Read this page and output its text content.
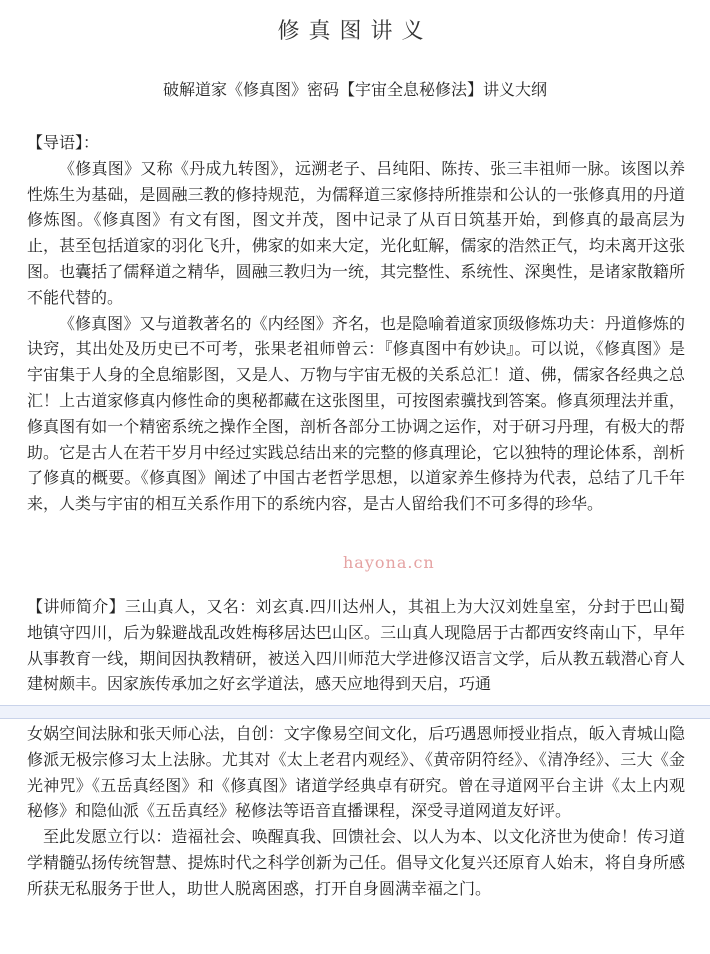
修真图讲义
破解道家《修真图》密码【宇宙全息秘修法】讲义大纲

【导语】：

《修真图》又称《丹成九转图》，远溯老子、吕纯阳、陈抟、张三丰祖师一脉。该图以养性炼生为基础，是圆融三教的修持规范，为儒释道三家修持所推崇和公认的一张修真用的丹道修炼图。《修真图》有文有图，图文并茂，图中记录了从百日筑基开始，到修真的最高层为止，甚至包括道家的羽化飞升，佛家的如来大定，光化虹解，儒家的浩然正气，均未离开这张图。也囊括了儒释道之精华，圆融三教归为一统，其完整性、系统性、深奥性，是诸家散籍所不能代替的。

《修真图》又与道教著名的《内经图》齐名，也是隐喻着道家顶级修炼功夫：丹道修炼的诀窍，其出处及历史已不可考，张果老祖师曾云：『修真图中有妙诀』。可以说，《修真图》是宇宙集于人身的全息缩影图，又是人、万物与宇宙无极的关系总汇！道、佛，儒家各经典之总汇！上古道家修真内修性命的奥秘都藏在这张图里，可按图索骥找到答案。修真须理法并重，修真图有如一个精密系统之操作全图，剖析各部分工协调之运作，对于研习丹理，有极大的帮助。它是古人在若干岁月中经过实践总结出来的完整的修真理论，它以独特的理论体系，剖析了修真的概要。《修真图》阐述了中国古老哲学思想，以道家养生修持为代表，总结了几千年来，人类与宇宙的相互关系作用下的系统内容，是古人留给我们不可多得的珍华。

【讲师简介】三山真人，又名：刘玄真.四川达州人，其祖上为大汉刘姓皇室，分封于巴山蜀地镇守四川，后为躲避战乱改姓梅移居达巴山区。三山真人现隐居于古都西安终南山下，早年从事教育一线，期间因执教精研，被送入四川师范大学进修汉语言文学，后从教五载潜心育人建树颇丰。因家族传承加之好玄学道法，感天应地得到天启，巧通

女娲空间法脉和张天师心法，自创：文字像易空间文化，后巧遇恩师授业指点，皈入青城山隐修派无极宗修习太上法脉。尤其对《太上老君内观经》、《黄帝阴符经》、《清净经》、三大《金光神咒》《五岳真经图》和《修真图》诸道学经典卓有研究。曾在寻道网平台主讲《太上内观秘修》和隐仙派《五岳真经》秘修法等语音直播课程，深受寻道网道友好评。

至此发愿立行以：造福社会、唤醒真我、回馈社会、以人为本、以文化济世为使命！传习道学精髓弘扬传统智慧、提炼时代之科学创新为己任。倡导文化复兴还原育人始末，将自身所感所获无私服务于世人，助世人脱离困惑，打开自身圆满幸福之门。

hayona.cn
